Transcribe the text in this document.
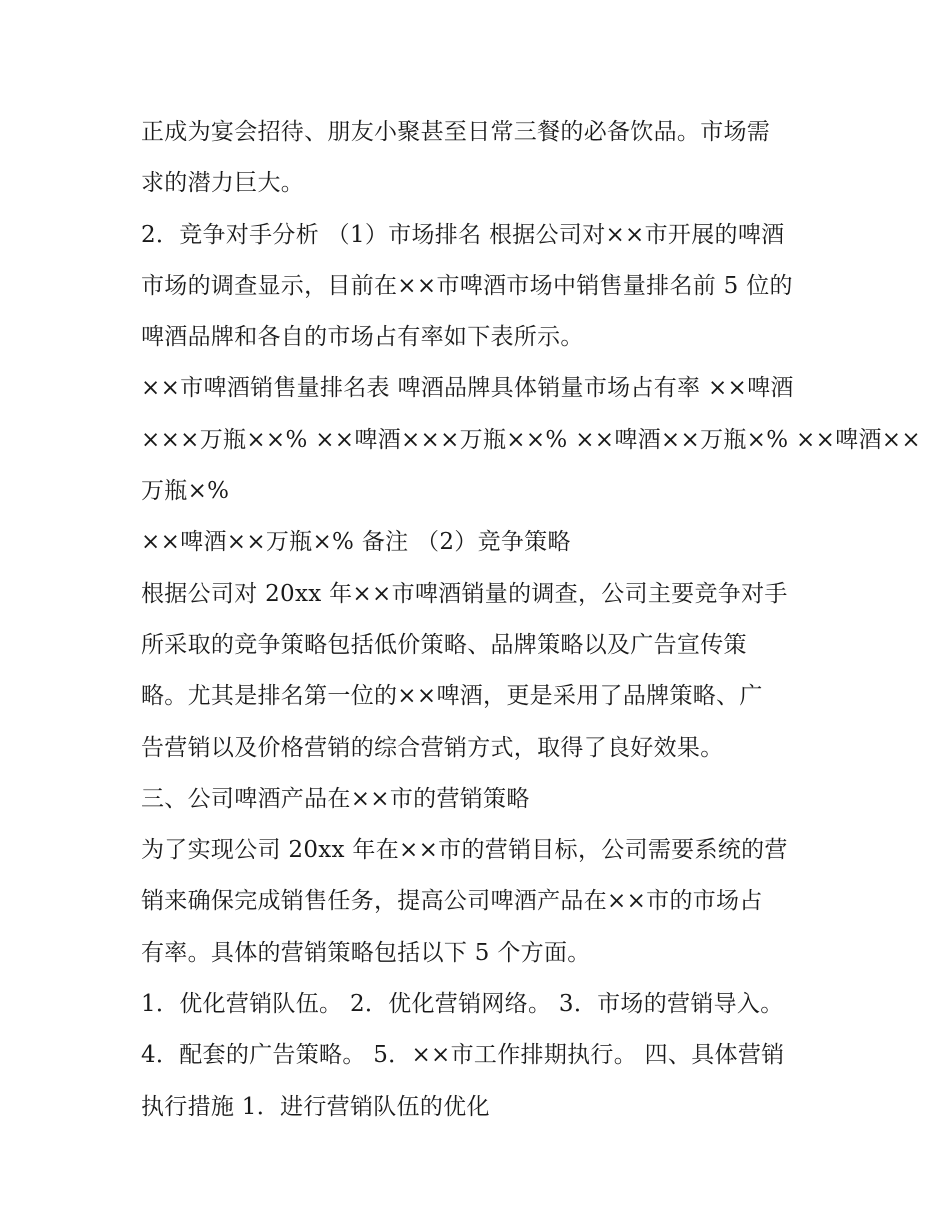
正成为宴会招待、朋友小聚甚至日常三餐的必备饮品。市场需
求的潜力巨大。
2．竞争对手分析 （1）市场排名 根据公司对××市开展的啤酒
市场的调查显示，目前在××市啤酒市场中销售量排名前 5 位的
啤酒品牌和各自的市场占有率如下表所示。
××市啤酒销售量排名表 啤酒品牌具体销量市场占有率 ××啤酒
×××万瓶××% ××啤酒×××万瓶××% ××啤酒××万瓶×% ××啤酒××
万瓶×%
××啤酒××万瓶×% 备注 （2）竞争策略
根据公司对 20xx 年××市啤酒销量的调查，公司主要竞争对手
所采取的竞争策略包括低价策略、品牌策略以及广告宣传策
略。尤其是排名第一位的××啤酒，更是采用了品牌策略、广
告营销以及价格营销的综合营销方式，取得了良好效果。
三、公司啤酒产品在××市的营销策略
为了实现公司 20xx 年在××市的营销目标，公司需要系统的营
销来确保完成销售任务，提高公司啤酒产品在××市的市场占
有率。具体的营销策略包括以下 5 个方面。
1．优化营销队伍。 2．优化营销网络。 3．市场的营销导入。
4．配套的广告策略。 5．××市工作排期执行。 四、具体营销
执行措施 1．进行营销队伍的优化
